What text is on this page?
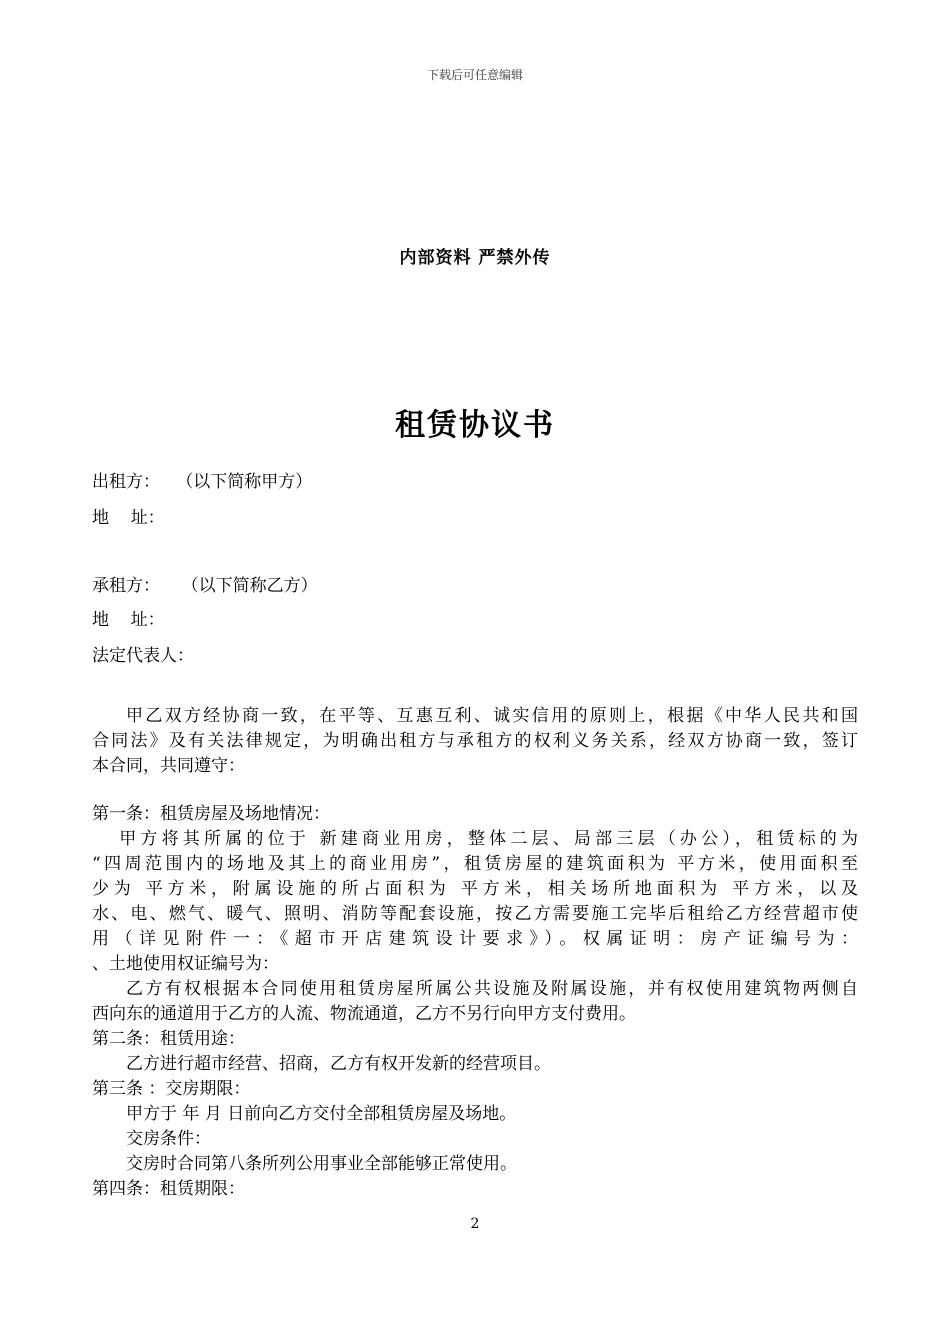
下载后可任意编辑
内部资料 严禁外传
租赁协议书
出租方：   （以下简称甲方）
地    址：
承租方：    （以下简称乙方）
地    址：
法定代表人：

甲乙双方经协商一致，在平等、互惠互利、诚实信用的原则上，根据《中华人民共和国

合同法》及有关法律规定，为明确出租方与承租方的权利义务关系，经双方协商一致，签订

本合同，共同遵守：

第一条：租赁房屋及场地情况：

甲方将其所属的位于 新建商业用房，整体二层、局部三层（办公），租赁标的为

“四周范围内的场地及其上的商业用房”，租赁房屋的建筑面积为 平方米，使用面积至

少为 平方米，附属设施的所占面积为 平方米，相关场所地面积为 平方米，以及

水、电、燃气、暖气、照明、消防等配套设施，按乙方需要施工完毕后租给乙方经营超市使

用（详见附件一：《超市开店建筑设计要求》）。权属证明：房产证编号为：

、土地使用权证编号为：

乙方有权根据本合同使用租赁房屋所属公共设施及附属设施，并有权使用建筑物两侧自

西向东的通道用于乙方的人流、物流通道，乙方不另行向甲方支付费用。

第二条：租赁用途：

乙方进行超市经营、招商，乙方有权开发新的经营项目。

第三条 ：交房期限：

甲方于 年 月 日前向乙方交付全部租赁房屋及场地。

交房条件：

交房时合同第八条所列公用事业全部能够正常使用。

第四条：租赁期限：

2
